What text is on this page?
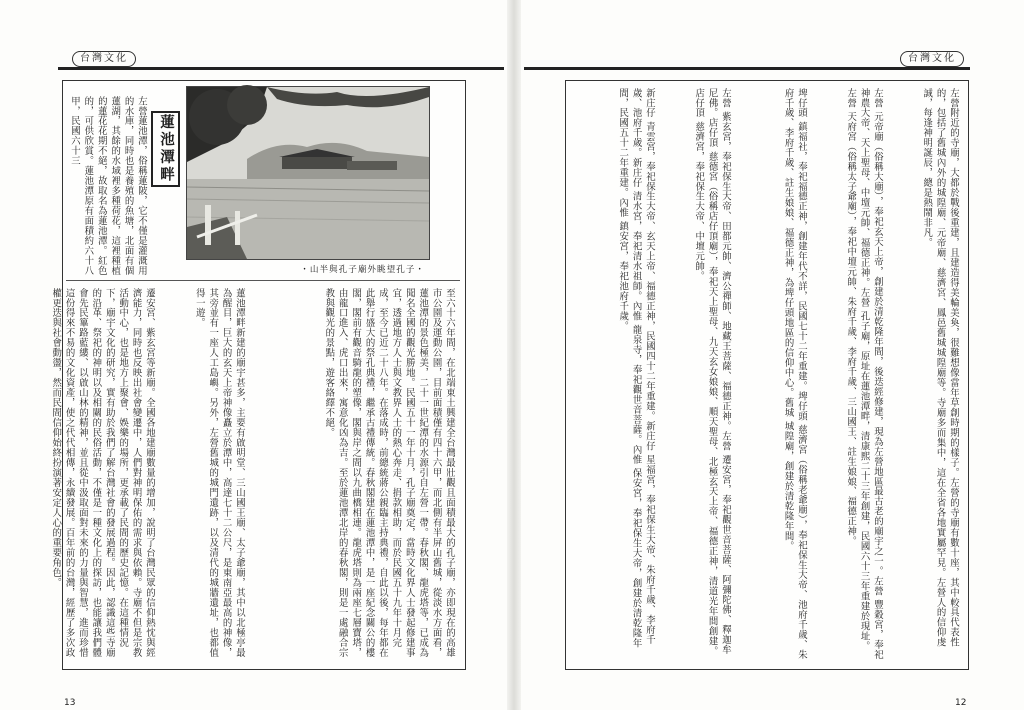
台灣文化
・山半與孔子廟外眺望孔子・
蓮池潭畔
左營蓮池潭，俗稱蓮陂，它不僅是灌溉用的水庫，同時也是養殖的魚塘，北面有個蓮湖，其餘的水域裡多種荷花，這裡種植的蓮花花期不絕，故取名為蓮池潭。紅色的，可供欣賞。蓮池潭原有面積約六十八甲，民國六十三
至六十六年間，在北端東土興建全台灣最壯觀且面積最大的孔子廟，亦即現在的高雄市公園及運動公園，目前面積僅有四十六甲，而北側有半屏山舊城，從淡水方面看，蓮池潭的景色極美，二十一世紀潭的水源引自左營一帶。春秋閣、龍虎塔等，已成為聞名全國的觀光勝地。民國五十一年十月，孔子廟奠定，當時文化界人士發起修建事宜，透過地方人士與文教界人士的熱心奔走、捐款相助，而於民國五十九年十月完成，至今已近二十八年。在落成時，前總統蔣公親臨主持典禮，自此以後，每年都在此舉行盛大的祭孔典禮，繼承古禮傳統。春秋閣建在蓮池潭中，是一座紀念關公的樓閣，閣前有觀音騎龍的塑像，閣與岸之間以九曲橋相連。龍虎塔則為兩座七層寶塔，由龍口進入、虎口出來，寓意化凶為吉。至於蓮池潭北岸的春秋閣，則是一處融合宗教與觀光的景點，遊客絡繹不絕。
蓮池潭畔新建的廟宇甚多，主要有啟明堂、三山國王廟、太子爺廟，其中以北極亭最為醒目，巨大的玄天上帝神像矗立於潭中，高達七十二公尺，是東南亞最高的神像，其旁並有一座人工島嶼。另外，左營舊城的城門遺跡，以及清代的城牆遺址，也都值得一遊。
遷安宮、紫玄宮等新廟。全國各地建廟數量的增加，說明了台灣民眾的信仰熱忱與經濟能力，同時也反映出社會變遷中，人們對神明保佑的需求與依賴。寺廟不但是宗教活動中心，也是地方上聚會、娛樂的場所，更承載了民間的歷史記憶。在這種情況下，廟宇文化的研究，實有助於我們了解台灣社會的發展過程。因此，認識這些寺廟的沿革、祭祀的神明以及相關的民俗活動，不僅是一種文化上的探訪，也能讓我們體會先民篳路藍縷、以啟山林的精神，並且從中汲取面對未來的力量與智慧，進而珍惜這份得來不易的文化資產，使之代代相傳，永續發展。百年前的台灣，經歷了多次政權更迭與社會動盪，然而民間信仰始終扮演著安定人心的重要角色。
13
台灣文化
左營附近的寺廟，大都於戰後重建，且建造得美輪美奐，很難想像當年草創時期的樣子。左營的寺廟有數十座，其中較具代表性的，包括了舊城內外的城隍廟、元帝廟、慈濟宮、鳳邑舊城城隍廟等。寺廟多而集中，這在全省各地實屬罕見。左營人的信仰虔誠，每逢神明誕辰，總是熱鬧非凡。
左營 元帝廟（俗稱大廟），奉祀玄天上帝，創建於清乾隆年間，後迭經修建，現為左營地區最古老的廟宇之一。左營 豐穀宮，奉祀神農大帝、天上聖母、中壇元帥、福德正神。左營 孔子廟，原址在蓮池潭畔，清康熙二十三年創建，民國六十三年重建於現址。左營 天府宮（俗稱太子爺廟），奉祀中壇元帥、朱府千歲、李府千歲、三山國王、註生娘娘、福德正神。
埤仔頭 鎮福社，奉祀福德正神，創建年代不詳，民國七十二年重建。埤仔頭 慈濟宮（俗稱老爺廟），奉祀保生大帝、池府千歲、朱府千歲、李府千歲、註生娘娘、福德正神，為埤仔頭地區的信仰中心。舊城 城隍廟，創建於清乾隆年間。
左營 紫玄宮，奉祀保生大帝、田都元帥、濟公禪師、地藏王菩薩、福德正神。左營 遷安宮，奉祀觀世音菩薩、阿彌陀佛、釋迦牟尼佛。店仔頂 慈德宮（俗稱店仔頂廟），奉祀天上聖母、九天玄女娘娘、順天聖母、北極玄天上帝、福德正神，清道光年間創建。店仔頂 慈濟宮，奉祀保生大帝、中壇元帥。
新庄仔 青雲宮，奉祀保生大帝、玄天上帝、福德正神，民國四十二年重建。新庄仔 星福宮，奉祀保生大帝、朱府千歲、李府千歲、池府千歲。新庄仔 清水宮，奉祀清水祖師。內惟 龍泉寺，奉祀觀世音菩薩。內惟 保安宮，奉祀保生大帝，創建於清乾隆年間，民國五十二年重建。內惟 鎮安宮，奉祀池府千歲。
12
